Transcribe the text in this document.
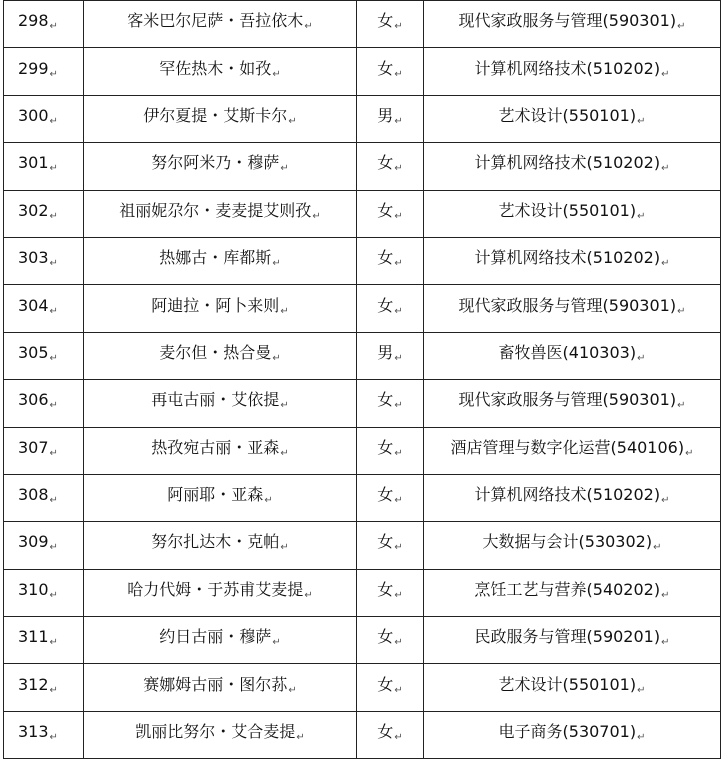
298↵	客米巴尔尼萨・吾拉依木↵	女↵	现代家政服务与管理(590301)↵
299↵	罕佐热木・如孜↵	女↵	计算机网络技术(510202)↵
300↵	伊尔夏提・艾斯卡尔↵	男↵	艺术设计(550101)↵
301↵	努尔阿米乃・穆萨↵	女↵	计算机网络技术(510202)↵
302↵	祖丽妮尕尔・麦麦提艾则孜↵	女↵	艺术设计(550101)↵
303↵	热娜古・库都斯↵	女↵	计算机网络技术(510202)↵
304↵	阿迪拉・阿卜来则↵	女↵	现代家政服务与管理(590301)↵
305↵	麦尔但・热合曼↵	男↵	畜牧兽医(410303)↵
306↵	再屯古丽・艾依提↵	女↵	现代家政服务与管理(590301)↵
307↵	热孜宛古丽・亚森↵	女↵	酒店管理与数字化运营(540106)↵
308↵	阿丽耶・亚森↵	女↵	计算机网络技术(510202)↵
309↵	努尔扎达木・克帕↵	女↵	大数据与会计(530302)↵
310↵	哈力代姆・于苏甫艾麦提↵	女↵	烹饪工艺与营养(540202)↵
311↵	约日古丽・穆萨↵	女↵	民政服务与管理(590201)↵
312↵	赛娜姆古丽・图尔荪↵	女↵	艺术设计(550101)↵
313↵	凯丽比努尔・艾合麦提↵	女↵	电子商务(530701)↵
